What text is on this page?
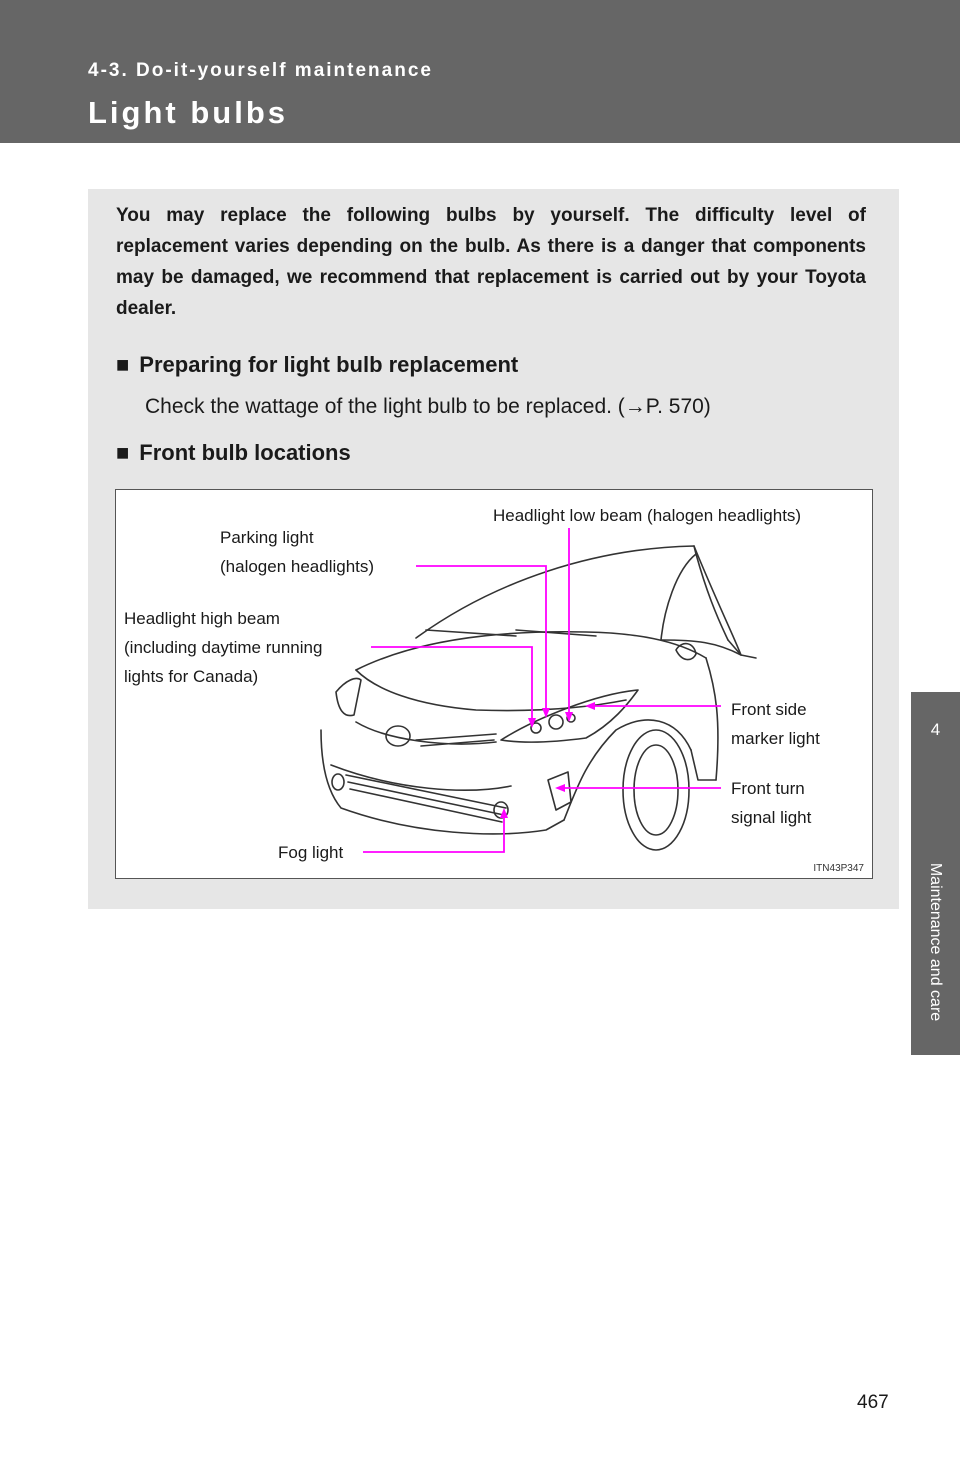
4-3. Do-it-yourself maintenance
Light bulbs
4
Maintenance and care
You may replace the following bulbs by yourself. The difficulty level of replacement varies depending on the bulb. As there is a danger that components may be damaged, we recommend that replacement is carried out by your Toyota dealer.
■ Preparing for light bulb replacement
Check the wattage of the light bulb to be replaced. (→P. 570)
■ Front bulb locations
Headlight low beam (halogen headlights)
Parking light
(halogen headlights)
Headlight high beam
(including daytime running
lights for Canada)
Front side
marker light
Front turn
signal light
Fog light
ITN43P347
467
